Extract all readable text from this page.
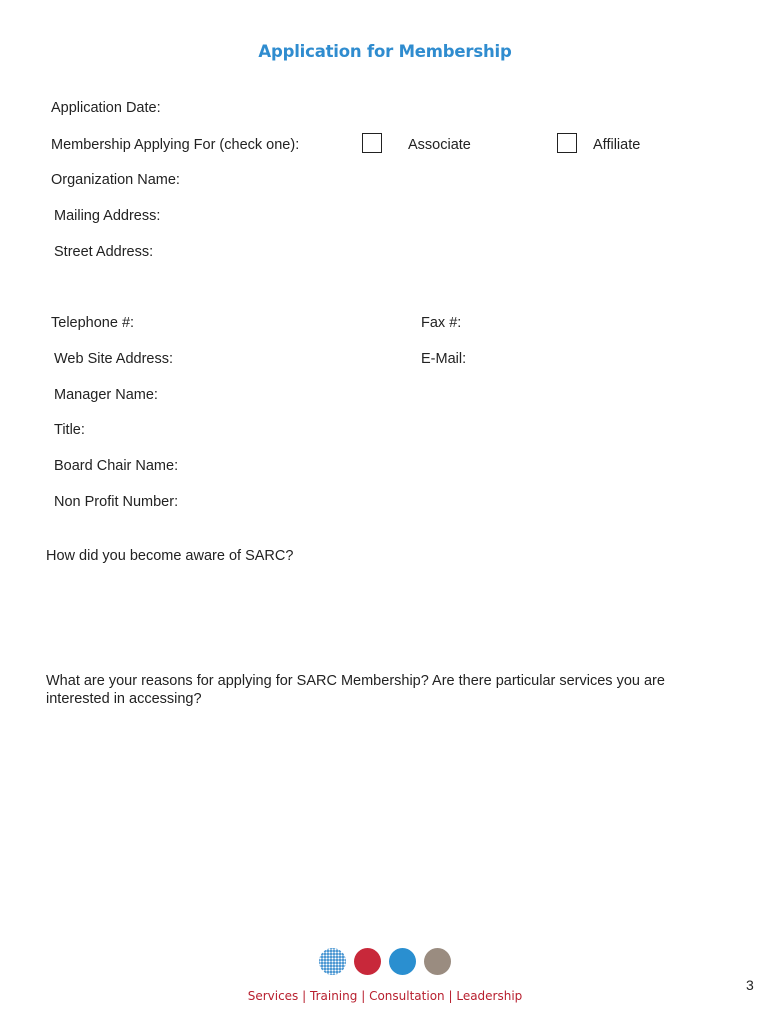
Application for Membership
Application Date:
Membership Applying For (check one):	Associate	Affiliate
Organization Name:
Mailing Address:
Street Address:
Telephone #:	Fax #:
Web Site Address:	E-Mail:
Manager Name:
Title:
Board Chair Name:
Non Profit Number:
How did you become aware of SARC?
What are your reasons for applying for SARC Membership? Are there particular services you are interested in accessing?
Services | Training | Consultation | Leadership
3
